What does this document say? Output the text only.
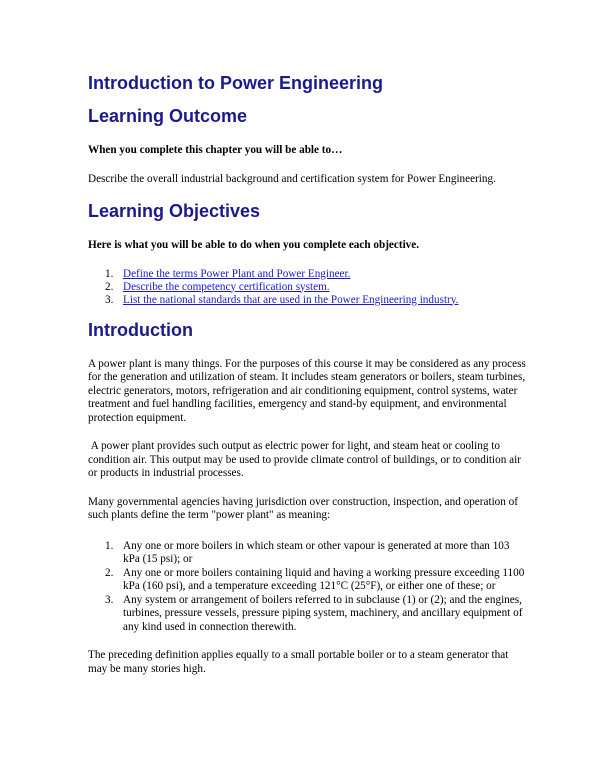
Introduction to Power Engineering
Learning Outcome

When you complete this chapter you will be able to…

Describe the overall industrial background and certification system for Power Engineering.

Learning Objectives

Here is what you will be able to do when you complete each objective.

1. Define the terms Power Plant and Power Engineer.
2. Describe the competency certification system.
3. List the national standards that are used in the Power Engineering industry.
Introduction

A power plant is many things. For the purposes of this course it may be considered as any process for the generation and utilization of steam. It includes steam generators or boilers, steam turbines, electric generators, motors, refrigeration and air conditioning equipment, control systems, water treatment and fuel handling facilities, emergency and stand-by equipment, and environmental protection equipment.

A power plant provides such output as electric power for light, and steam heat or cooling to condition air. This output may be used to provide climate control of buildings, or to condition air or products in industrial processes.

Many governmental agencies having jurisdiction over construction, inspection, and operation of such plants define the term "power plant" as meaning:

1. Any one or more boilers in which steam or other vapour is generated at more than 103 kPa (15 psi); or
2. Any one or more boilers containing liquid and having a working pressure exceeding 1100 kPa (160 psi), and a temperature exceeding 121°C (25°F), or either one of these; or
3. Any system or arrangement of boilers referred to in subclause (1) or (2); and the engines, turbines, pressure vessels, pressure piping system, machinery, and ancillary equipment of any kind used in connection therewith.

The preceding definition applies equally to a small portable boiler or to a steam generator that may be many stories high.
